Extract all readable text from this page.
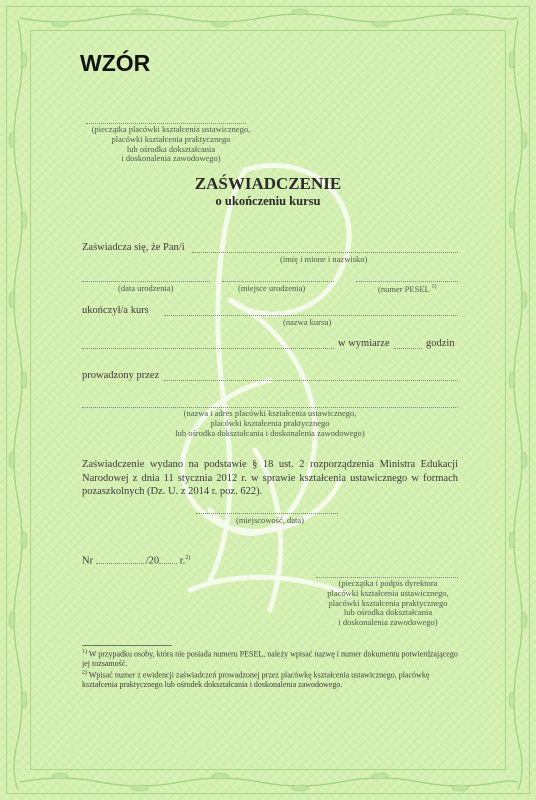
WZÓR
(pieczątka placówki kształcenia ustawicznego,
placówki kształcenia praktycznego
lub ośrodka dokształcania
i doskonalenia zawodowego)
ZAŚWIADCZENIE
o ukończeniu kursu
Zaświadcza się, że Pan/i
(imię i mione i nazwisko)
(data urodzenia)	(miejsce urodzenia)	(numer PESEL $^{1)}$
ukończył/a kurs
(nazwa kursu)
w wymiarze	godzin
prowadzony przez
(nazwa i adres placówki kształcenia ustawicznego,
placówki kształcenia praktycznego
lub ośrodka dokształcania i doskonalenia zawodowego)
Zaświadczenie wydano na podstawie § 18 ust. 2 rozporządzenia Ministra Edukacji Narodowej z dnia 11 stycznia 2012 r. w sprawie kształcenia ustawicznego w formach pozaszkolnych (Dz. U. z 2014 r. poz. 622).
(miejscowość, data)
Nr	/20 r.$^{2)}$
(pieczątka i podpis dyrektora
placówki kształcenia ustawicznego,
placówki kształcenia praktycznego
lub ośrodka dokształcania
i doskonalenia zawodowego)
$^{1)}$ W przypadku osoby, która nie posiada numeru PESEL, należy wpisać nazwę i numer dokumentu potwierdzającego jej tożsamość.
$^{2)}$ Wpisać numer z ewidencji zaświadczeń prowadzonej przez placówkę kształcenia ustawicznego, placówkę kształcenia praktycznego lub ośrodek dokształcania i doskonalenia zawodowego.
